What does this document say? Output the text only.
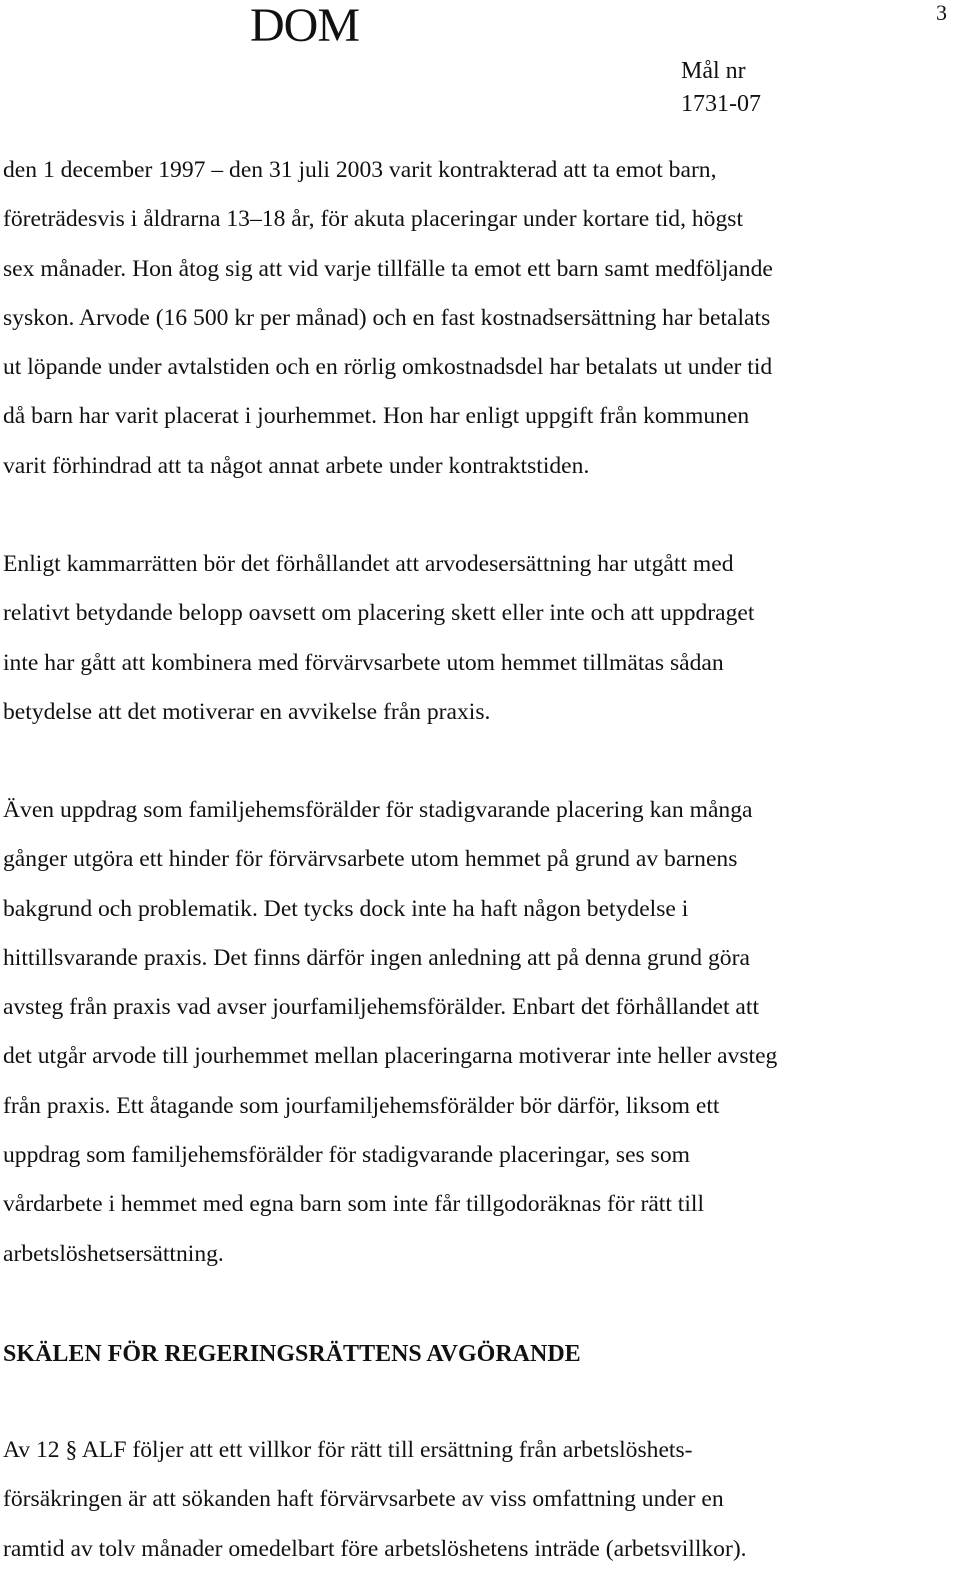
DOM	3
Mål nr
1731-07

den 1 december 1997 – den 31 juli 2003 varit kontrakterad att ta emot barn,
företrädesvis i åldrarna 13–18 år, för akuta placeringar under kortare tid, högst
sex månader. Hon åtog sig att vid varje tillfälle ta emot ett barn samt medföljande
syskon. Arvode (16 500 kr per månad) och en fast kostnadsersättning har betalats
ut löpande under avtalstiden och en rörlig omkostnadsdel har betalats ut under tid
då barn har varit placerat i jourhemmet. Hon har enligt uppgift från kommunen
varit förhindrad att ta något annat arbete under kontraktstiden.

Enligt kammarrätten bör det förhållandet att arvodesersättning har utgått med
relativt betydande belopp oavsett om placering skett eller inte och att uppdraget
inte har gått att kombinera med förvärvsarbete utom hemmet tillmätas sådan
betydelse att det motiverar en avvikelse från praxis.

Även uppdrag som familjehemsförälder för stadigvarande placering kan många
gånger utgöra ett hinder för förvärvsarbete utom hemmet på grund av barnens
bakgrund och problematik. Det tycks dock inte ha haft någon betydelse i
hittillsvarande praxis. Det finns därför ingen anledning att på denna grund göra
avsteg från praxis vad avser jourfamiljehemsförälder. Enbart det förhållandet att
det utgår arvode till jourhemmet mellan placeringarna motiverar inte heller avsteg
från praxis. Ett åtagande som jourfamiljehemsförälder bör därför, liksom ett
uppdrag som familjehemsförälder för stadigvarande placeringar, ses som
vårdarbete i hemmet med egna barn som inte får tillgodoräknas för rätt till
arbetslöshetsersättning.

SKÄLEN FÖR REGERINGSRÄTTENS AVGÖRANDE

Av 12 § ALF följer att ett villkor för rätt till ersättning från arbetslöshets-
försäkringen är att sökanden haft förvärvsarbete av viss omfattning under en
ramtid av tolv månader omedelbart före arbetslöshetens inträde (arbetsvillkor).
